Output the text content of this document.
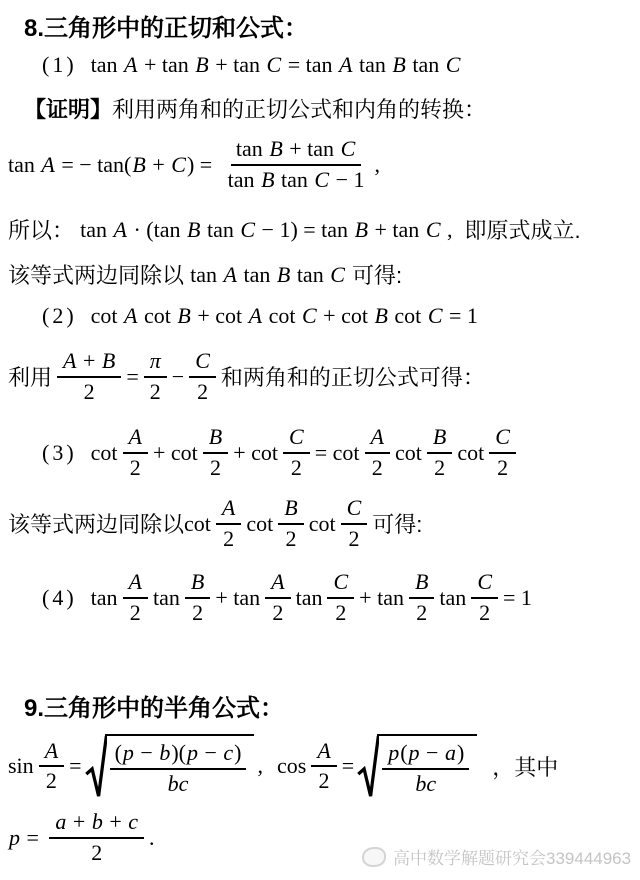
8.三角形中的正切和公式：
(1) tan A + tan B + tan C = tan A tan B tan C
【证明】 利用两角和的正切公式和内角的转换：
tan A = − $\tan(B + C) = \frac{\text{tan B + tan C}}{\text{tan B tan C − 1}}$ ,
所以： tan A · (tan B tan C − 1) = tan B + tan C , 即原式成立.
该等式两边同除以 tan A tan B tan C 可得:
(2) cot A cot B + cot A cot C + cot B cot C = 1
利用 $\frac{A + B}{2} = \frac{\pi}{2} - \frac{C}{2}$ 和两角和的正切公式可得：
(3) $\cot \frac{A}{2} + \cot \frac{B}{2} + \cot \frac{C}{2} = \cot \frac{A}{2}$ $\cot \frac{B}{2}$ $\cot \frac{C}{2}$
该等式两边同除以 $\cot \frac{A}{2}$ $\cot \frac{B}{2}$ $\cot \frac{C}{2}$ 可得:
(4) $\tan \frac{A}{2}$ $\tan \frac{B}{2} + \tan \frac{A}{2}$ $\tan \frac{C}{2} + \tan \frac{B}{2}$ $\tan \frac{C}{2} = 1$
9.三角形中的半角公式：
$\sin \frac{A}{2} = \frac{(p - b)(p - c)}{bc}$ , $\cos \frac{A}{2} = \frac{p(p - a)}{bc}$ ，其中
$p = \frac{a + b + c}{2}$ .
高中数学解题研究会339444963
